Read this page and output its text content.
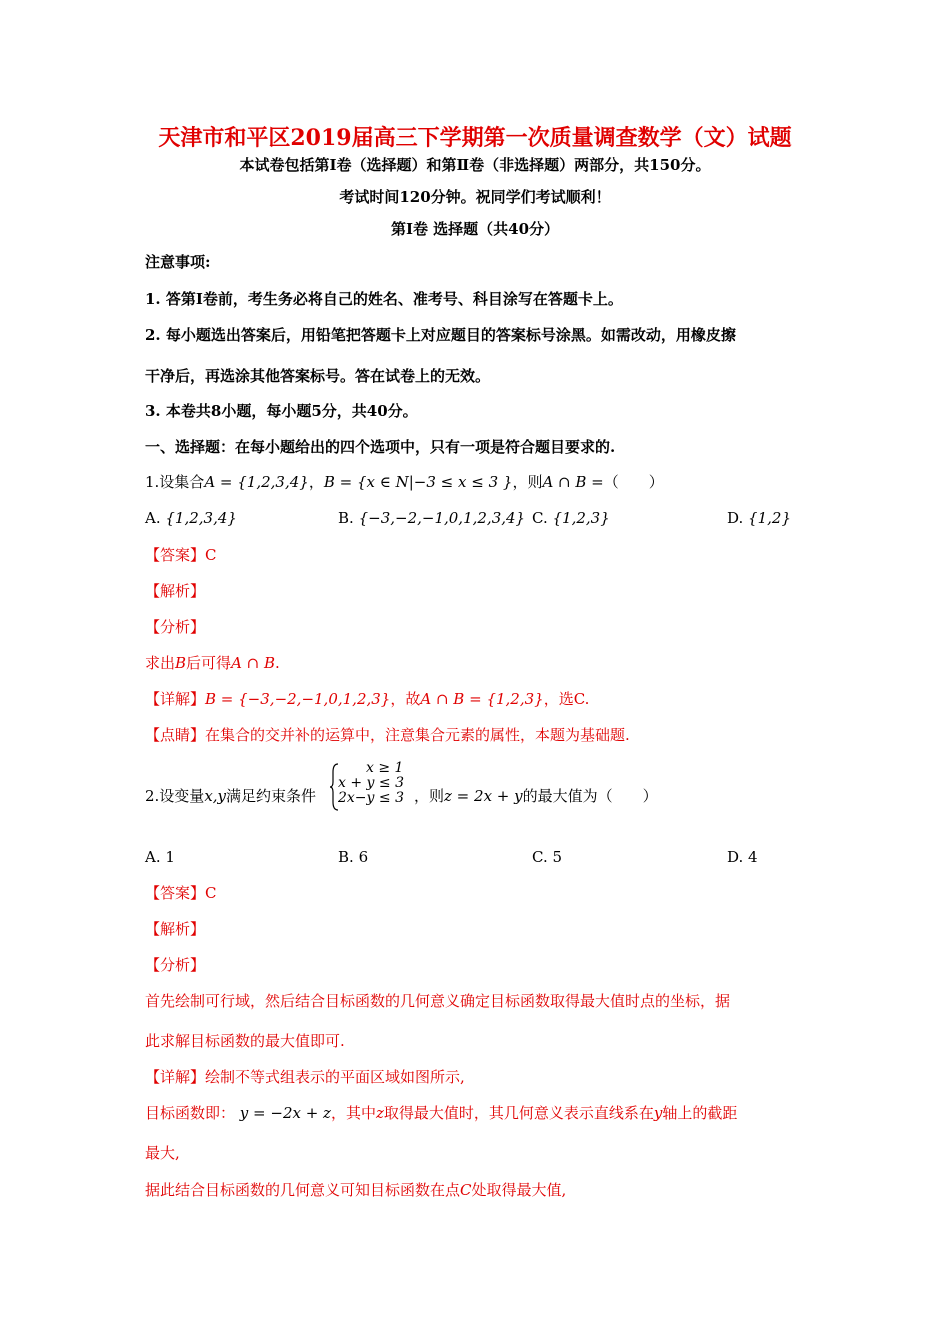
天津市和平区2019届高三下学期第一次质量调查数学（文）试题
本试卷包括第Ⅰ卷（选择题）和第Ⅱ卷（非选择题）两部分，共150分。
考试时间120分钟。祝同学们考试顺利！
第Ⅰ卷 选择题（共40分）
注意事项:
1. 答第Ⅰ卷前，考生务必将自己的姓名、准考号、科目涂写在答题卡上。
2. 每小题选出答案后，用铅笔把答题卡上对应题目的答案标号涂黑。如需改动，用橡皮擦
干净后，再选涂其他答案标号。答在试卷上的无效。
3. 本卷共8小题，每小题5分，共40分。
一、选择题：在每小题给出的四个选项中，只有一项是符合题目要求的.
1.设集合A = {1,2,3,4}，B = {x ∈ N|−3 ≤ x ≤ 3 }，则A ∩ B =（　　）
A. {1,2,3,4}	B. {−3,−2,−1,0,1,2,3,4} C. {1,2,3}	D. {1,2}
【答案】C
【解析】
【分析】
求出B后可得A ∩ B.
【详解】B = {−3,−2,−1,0,1,2,3}，故A ∩ B = {1,2,3}，选C.
【点睛】在集合的交并补的运算中，注意集合元素的属性，本题为基础题.
2.设变量x,y满足约束条件
x ≥ 1
x + y ≤ 3
2x−y ≤ 3 ，则z = 2x + y的最大值为（　　）
A. 1	B. 6	C. 5	D. 4
【答案】C
【解析】
【分析】
首先绘制可行域，然后结合目标函数的几何意义确定目标函数取得最大值时点的坐标，据
此求解目标函数的最大值即可.
【详解】绘制不等式组表示的平面区域如图所示,
目标函数即： y = −2x + z，其中z取得最大值时，其几何意义表示直线系在y轴上的截距
最大,
据此结合目标函数的几何意义可知目标函数在点C处取得最大值,
